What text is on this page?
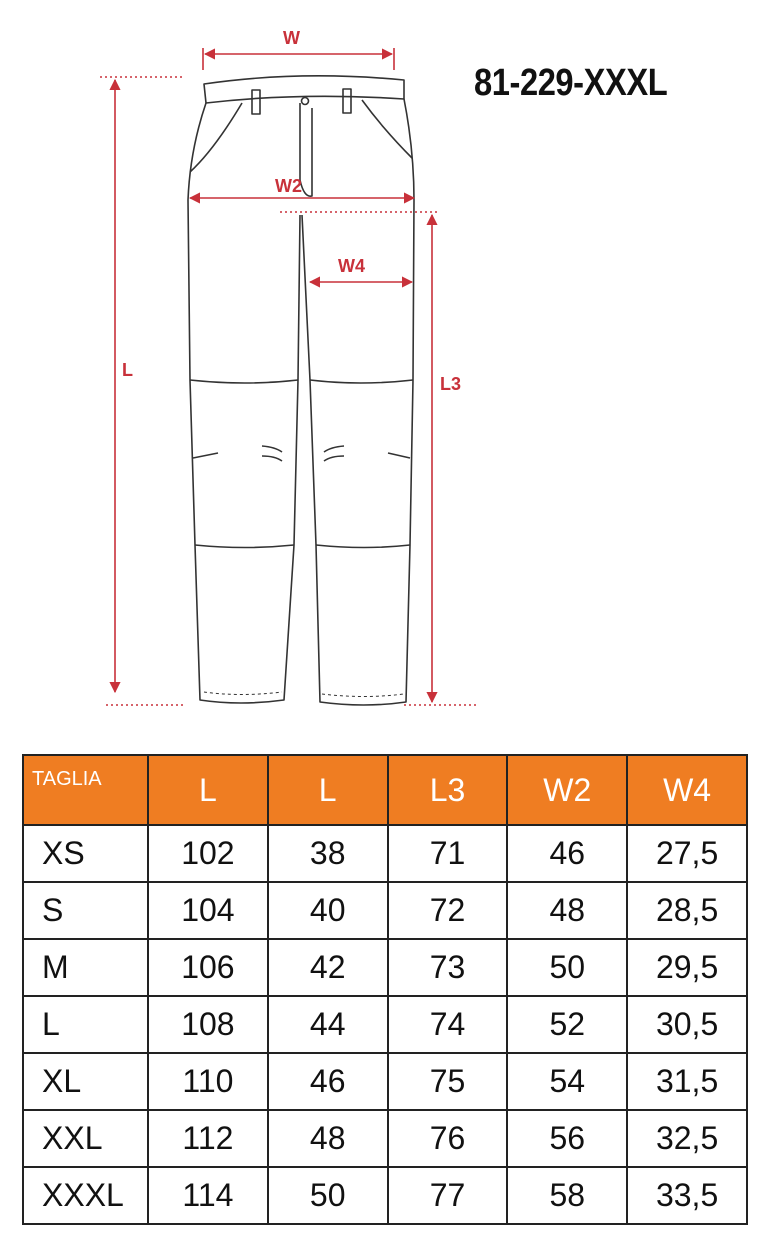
W
W2
W4
L
L3
81-229-XXXL
TAGLIA	L	L	L3	W2	W4
XS	102	38	71	46	27,5
S	104	40	72	48	28,5
M	106	42	73	50	29,5
L	108	44	74	52	30,5
XL	110	46	75	54	31,5
XXL	112	48	76	56	32,5
XXXL	114	50	77	58	33,5
